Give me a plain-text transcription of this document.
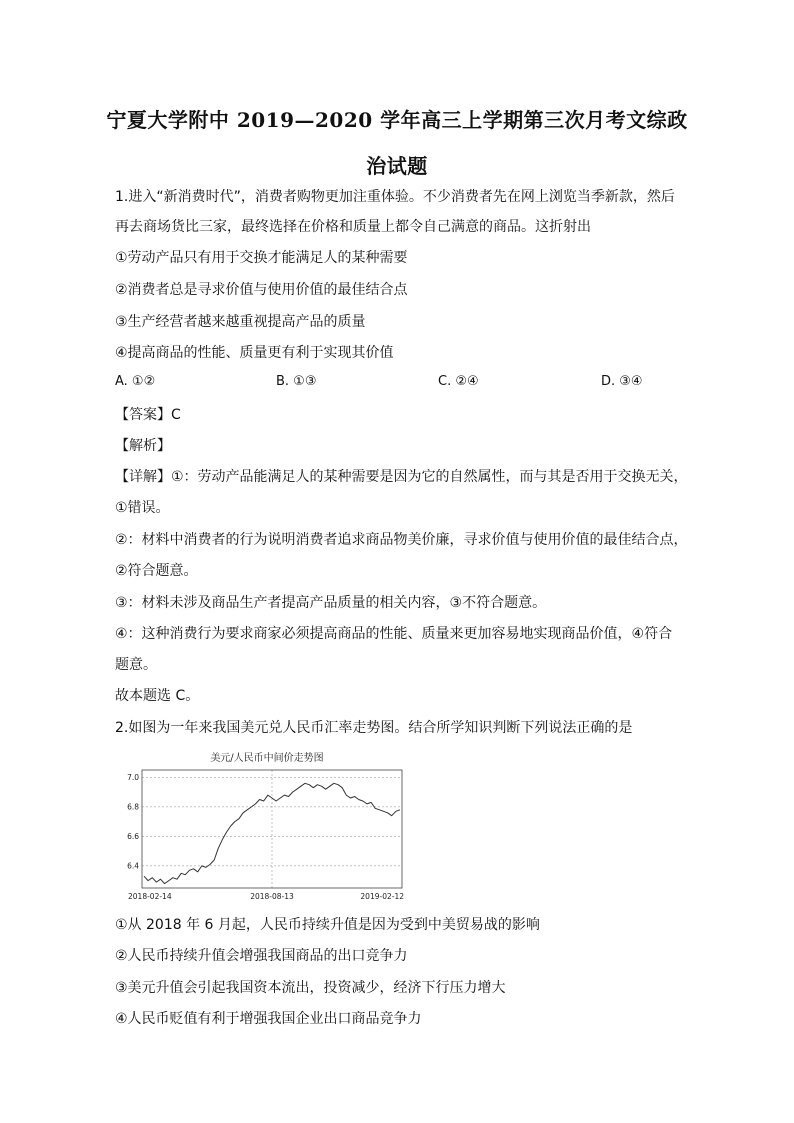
宁夏大学附中 2019—2020 学年高三上学期第三次月考文综政
治试题
1.进入“新消费时代”，消费者购物更加注重体验。不少消费者先在网上浏览当季新款，然后
再去商场货比三家，最终选择在价格和质量上都令自己满意的商品。这折射出
①劳动产品只有用于交换才能满足人的某种需要
②消费者总是寻求价值与使用价值的最佳结合点
③生产经营者越来越重视提高产品的质量
④提高商品的性能、质量更有利于实现其价值
A. ①②	B. ①③	C. ②④	D. ③④
【答案】C
【解析】
【详解】①：劳动产品能满足人的某种需要是因为它的自然属性，而与其是否用于交换无关，
①错误。
②：材料中消费者的行为说明消费者追求商品物美价廉，寻求价值与使用价值的最佳结合点，
②符合题意。
③：材料未涉及商品生产者提高产品质量的相关内容，③不符合题意。
④：这种消费行为要求商家必须提高商品的性能、质量来更加容易地实现商品价值，④符合
题意。
故本题选 C。
2.如图为一年来我国美元兑人民币汇率走势图。结合所学知识判断下列说法正确的是
美元/人民币中间价走势图
6.4
6.6
6.8
7.0
2018-02-14	2018-08-13	2019-02-12
①从 2018 年 6 月起，人民币持续升值是因为受到中美贸易战的影响
②人民币持续升值会增强我国商品的出口竞争力
③美元升值会引起我国资本流出，投资减少，经济下行压力增大
④人民币贬值有利于增强我国企业出口商品竞争力
